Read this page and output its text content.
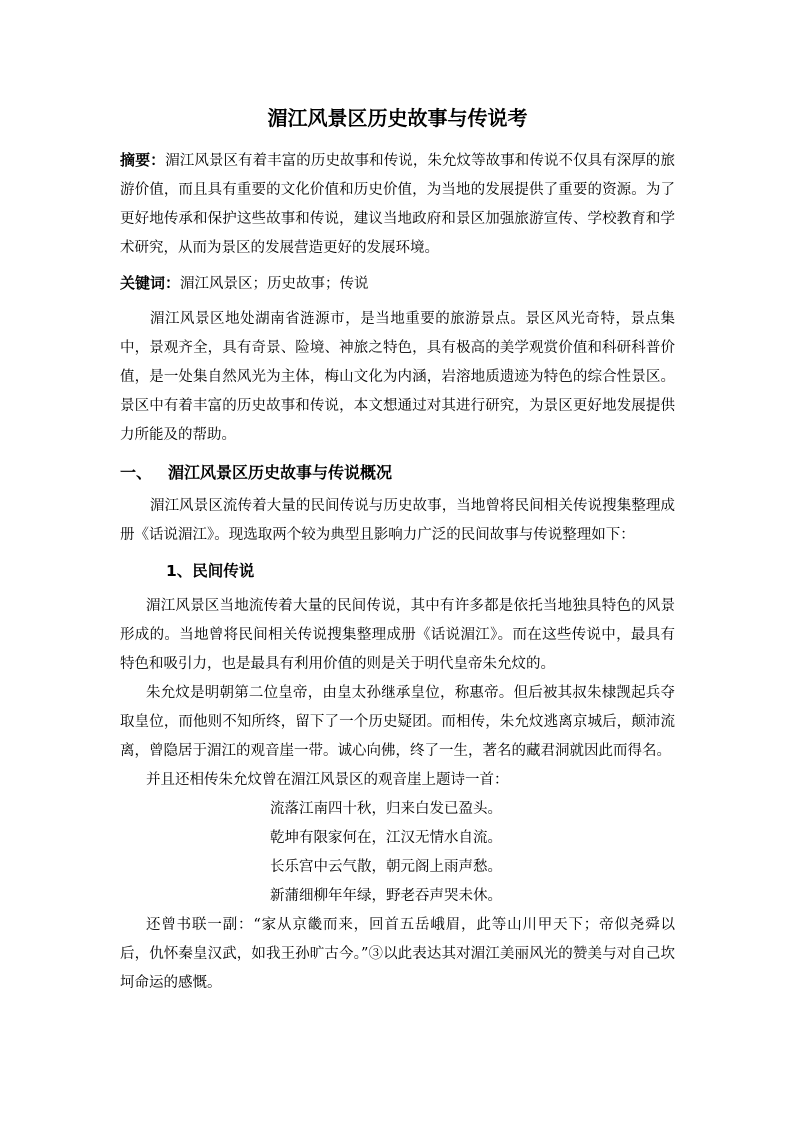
湄江风景区历史故事与传说考

摘要：湄江风景区有着丰富的历史故事和传说，朱允炆等故事和传说不仅具有深厚的旅游价值，而且具有重要的文化价值和历史价值，为当地的发展提供了重要的资源。为了更好地传承和保护这些故事和传说，建议当地政府和景区加强旅游宣传、学校教育和学术研究，从而为景区的发展营造更好的发展环境。

关键词：湄江风景区；历史故事；传说

湄江风景区地处湖南省涟源市，是当地重要的旅游景点。景区风光奇特，景点集中，景观齐全，具有奇景、险境、神旅之特色，具有极高的美学观赏价值和科研科普价值，是一处集自然风光为主体，梅山文化为内涵，岩溶地质遗迹为特色的综合性景区。景区中有着丰富的历史故事和传说，本文想通过对其进行研究，为景区更好地发展提供力所能及的帮助。

一、 湄江风景区历史故事与传说概况

湄江风景区流传着大量的民间传说与历史故事，当地曾将民间相关传说搜集整理成册《话说湄江》。现选取两个较为典型且影响力广泛的民间故事与传说整理如下：

1、民间传说

湄江风景区当地流传着大量的民间传说，其中有许多都是依托当地独具特色的风景形成的。当地曾将民间相关传说搜集整理成册《话说湄江》。而在这些传说中，最具有特色和吸引力，也是最具有利用价值的则是关于明代皇帝朱允炆的。

朱允炆是明朝第二位皇帝，由皇太孙继承皇位，称惠帝。但后被其叔朱棣觊起兵夺取皇位，而他则不知所终，留下了一个历史疑团。而相传，朱允炆逃离京城后，颠沛流离，曾隐居于湄江的观音崖一带。诚心向佛，终了一生，著名的藏君洞就因此而得名。

并且还相传朱允炆曾在湄江风景区的观音崖上题诗一首：

流落江南四十秋，归来白发已盈头。

乾坤有限家何在，江汉无情水自流。

长乐宫中云气散，朝元阁上雨声愁。

新蒲细柳年年绿，野老吞声哭未休。

还曾书联一副：“家从京畿而来，回首五岳峨眉，此等山川甲天下；帝似尧舜以后，仇怀秦皇汉武，如我王孙旷古今。”③以此表达其对湄江美丽风光的赞美与对自己坎坷命运的感慨。
